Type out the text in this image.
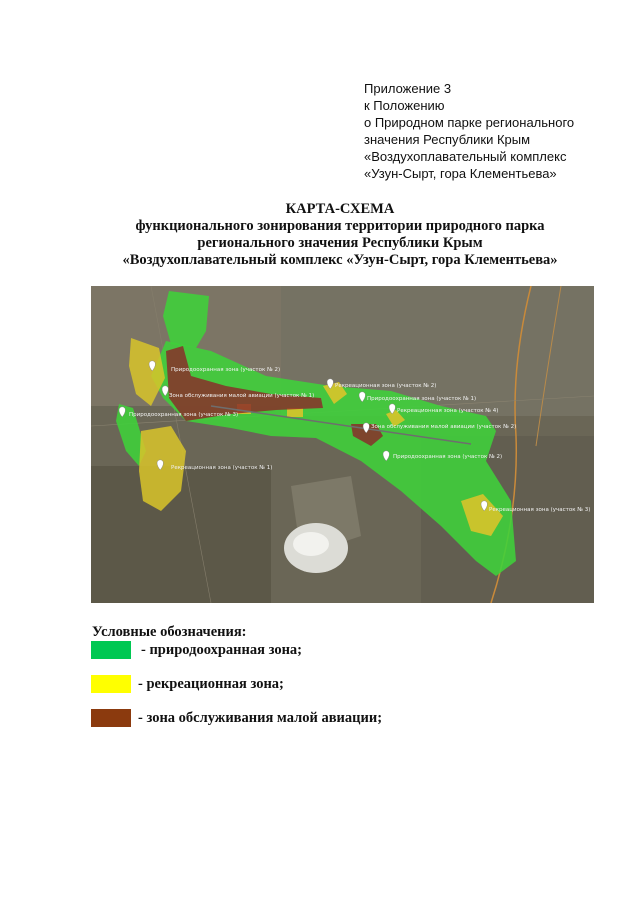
Приложение 3
к Положению
о Природном парке регионального
значения Республики Крым
«Воздухоплавательный комплекс
«Узун-Сырт, гора Клементьева»
КАРТА-СХЕМА
функционального зонирования территории природного парка
регионального значения Республики Крым
«Воздухоплавательный комплекс «Узун-Сырт, гора Клементьева»
Природоохранная зона (участок № 2)
Рекреационная зона (участок № 2)
Зона обслуживания малой авиации (участок № 1)	Природоохранная зона (участок № 1)
Рекреационная зона (участок № 4)
Природоохранная зона (участок № 3)
Зона обслуживания малой авиации (участок № 2)
Природоохранная зона (участок № 2)
Рекреационная зона (участок № 1)
Рекреационная зона (участок № 3)
Условные обозначения:
- природоохранная зона;
- рекреационная зона;
- зона обслуживания малой авиации;
